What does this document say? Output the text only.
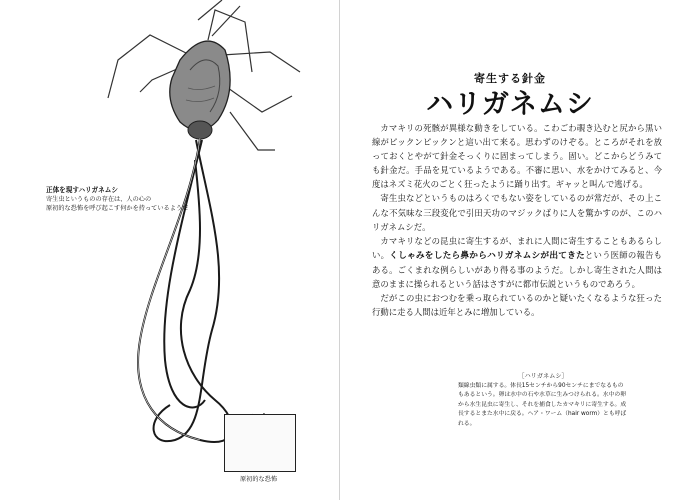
正体を現すハリガネムシ
寄生虫というものの存在は、人の心の
原初的な恐怖を呼び起こす何かを持っているようだ
原初的な恐怖
寄生する針金
ハリガネムシ

カマキリの死骸が異様な動きをしている。こわごわ覗き込むと尻から黒い線がピックンピックンと這い出て来る。思わずのけぞる。ところがそれを放っておくとやがて針金そっくりに固まってしまう。固い。どこからどうみても針金だ。手品を見ているようである。不審に思い、水をかけてみると、今度はネズミ花火のごとく狂ったように踊り出す。ギャッと叫んで逃げる。

寄生虫などというものはろくでもない姿をしているのが常だが、その上こんな不気味な三段変化で引田天功のマジックばりに人を驚かすのが、このハリガネムシだ。

カマキリなどの昆虫に寄生するが、まれに人間に寄生することもあるらしい。くしゃみをしたら鼻からハリガネムシが出てきたという医師の報告もある。ごくまれな例らしいがあり得る事のようだ。しかし寄生された人間は意のままに操られるという話はさすがに都市伝説というものであろう。

だがこの虫におつむを乗っ取られているのかと疑いたくなるような狂った行動に走る人間は近年とみに増加している。

［ハリガネムシ］
類線虫類に属する。体長15センチから90センチにまでなるものもあるという。卵は水中の石や水草に生みつけられる。水中の卵から水生昆虫に寄生し、それを捕食したカマキリに寄生する。成長するとまた水中に戻る。ヘア・ワーム（hair worm）とも呼ばれる。
